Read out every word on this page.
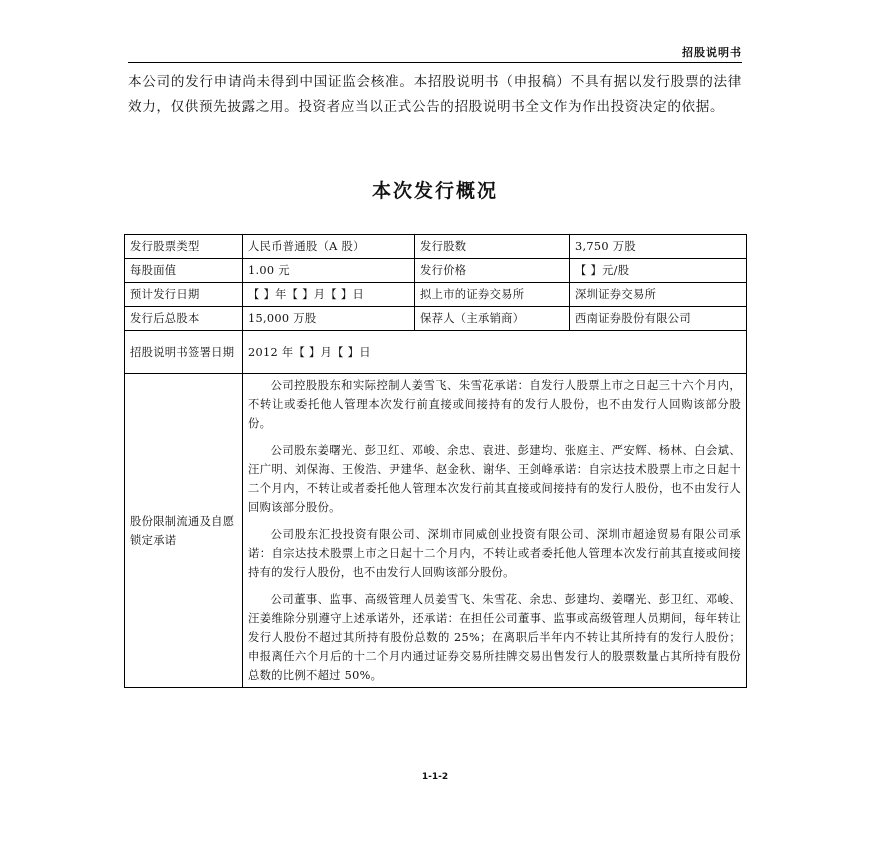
招股说明书

本公司的发行申请尚未得到中国证监会核准。本招股说明书（申报稿）不具有据以发行股票的法律效力，仅供预先披露之用。投资者应当以正式公告的招股说明书全文作为作出投资决定的依据。

本次发行概况
发行股票类型	人民币普通股（A 股）	发行股数	3,750 万股
每股面值	1.00 元	发行价格	【 】元/股
预计发行日期	【 】年【 】月【 】日	拟上市的证券交易所	深圳证券交易所
发行后总股本	15,000 万股	保荐人（主承销商）	西南证券股份有限公司
招股说明书签署日期	2012 年【 】月【 】日		
股份限制流通及自愿锁定承诺	公司控股股东和实际控制人姜雪飞、朱雪花承诺：自发行人股票上市之日起三十六个月内，不转让或委托他人管理本次发行前直接或间接持有的发行人股份，也不由发行人回购该部分股份。

公司股东姜曙光、彭卫红、邓峻、余忠、袁进、彭建均、张庭主、严安辉、杨林、白会斌、汪广明、刘保海、王俊浩、尹建华、赵金秋、谢华、王剑峰承诺：自宗达技术股票上市之日起十二个月内，不转让或者委托他人管理本次发行前其直接或间接持有的发行人股份，也不由发行人回购该部分股份。

公司股东汇投投资有限公司、深圳市同威创业投资有限公司、深圳市超途贸易有限公司承诺：自宗达技术股票上市之日起十二个月内，不转让或者委托他人管理本次发行前其直接或间接持有的发行人股份，也不由发行人回购该部分股份。

公司董事、监事、高级管理人员姜雪飞、朱雪花、余忠、彭建均、姜曙光、彭卫红、邓峻、汪姜维除分别遵守上述承诺外，还承诺：在担任公司董事、监事或高级管理人员期间，每年转让发行人股份不超过其所持有股份总数的 25%；在离职后半年内不转让其所持有的发行人股份；申报离任六个月后的十二个月内通过证券交易所挂牌交易出售发行人的股票数量占其所持有股份总数的比例不超过 50%。		

1-1-2
